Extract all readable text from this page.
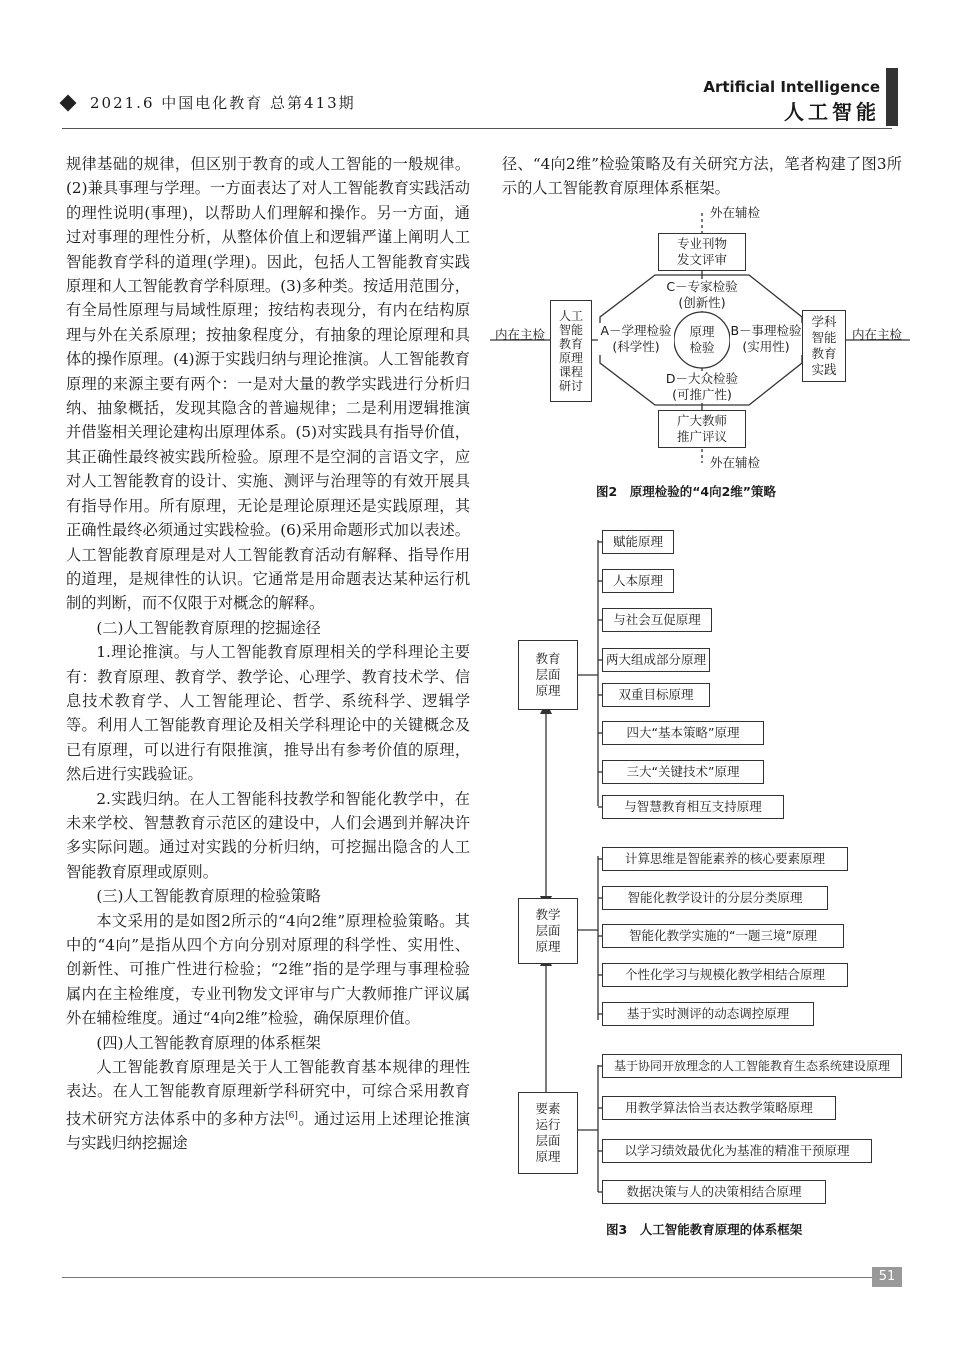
2021.6 中国电化教育 总第413期
Artificial Intelligence
人工智能

规律基础的规律，但区别于教育的或人工智能的一般规律。(2)兼具事理与学理。一方面表达了对人工智能教育实践活动的理性说明(事理)，以帮助人们理解和操作。另一方面，通过对事理的理性分析，从整体价值上和逻辑严谨上阐明人工智能教育学科的道理(学理)。因此，包括人工智能教育实践原理和人工智能教育学科原理。(3)多种类。按适用范围分，有全局性原理与局域性原理；按结构表现分，有内在结构原理与外在关系原理；按抽象程度分，有抽象的理论原理和具体的操作原理。(4)源于实践归纳与理论推演。人工智能教育原理的来源主要有两个：一是对大量的教学实践进行分析归纳、抽象概括，发现其隐含的普遍规律；二是利用逻辑推演并借鉴相关理论建构出原理体系。(5)对实践具有指导价值，其正确性最终被实践所检验。原理不是空洞的言语文字，应对人工智能教育的设计、实施、测评与治理等的有效开展具有指导作用。所有原理，无论是理论原理还是实践原理，其正确性最终必须通过实践检验。(6)采用命题形式加以表述。人工智能教育原理是对人工智能教育活动有解释、指导作用的道理，是规律性的认识。它通常是用命题表达某种运行机制的判断，而不仅限于对概念的解释。

(二)人工智能教育原理的挖掘途径

1.理论推演。与人工智能教育原理相关的学科理论主要有：教育原理、教育学、教学论、心理学、教育技术学、信息技术教育学、人工智能理论、哲学、系统科学、逻辑学等。利用人工智能教育理论及相关学科理论中的关键概念及已有原理，可以进行有限推演，推导出有参考价值的原理，然后进行实践验证。

2.实践归纳。在人工智能科技教学和智能化教学中，在未来学校、智慧教育示范区的建设中，人们会遇到并解决许多实际问题。通过对实践的分析归纳，可挖掘出隐含的人工智能教育原理或原则。

(三)人工智能教育原理的检验策略

本文采用的是如图2所示的“4向2维”原理检验策略。其中的“4向”是指从四个方向分别对原理的科学性、实用性、创新性、可推广性进行检验；“2维”指的是学理与事理检验属内在主检维度，专业刊物发文评审与广大教师推广评议属外在辅检维度。通过“4向2维”检验，确保原理价值。

(四)人工智能教育原理的体系框架

人工智能教育原理是关于人工智能教育基本规律的理性表达。在人工智能教育原理新学科研究中，可综合采用教育技术研究方法体系中的多种方法[6]。通过运用上述理论推演与实践归纳挖掘途

径、“4向2维”检验策略及有关研究方法，笔者构建了图3所示的人工智能教育原理体系框架。

外在辅检
外在辅检
内在主检	内在主检
专业刊物
发文评审
广大教师
推广评议
人工
智能
教育
原理
课程
研讨
学科
智能
教育
实践
原理
检验
C－专家检验
(创新性)
D－大众检验
(可推广性)
A－学理检验
(科学性)
B－事理检验
(实用性)
图2　原理检验的“4向2维”策略
教育
层面
原理
教学
层面
原理
要素
运行
层面
原理
赋能原理
人本原理
与社会互促原理
两大组成部分原理
双重目标原理
四大“基本策略”原理
三大“关键技术”原理
与智慧教育相互支持原理
计算思维是智能素养的核心要素原理
智能化教学设计的分层分类原理
智能化教学实施的“一题三境”原理
个性化学习与规模化教学相结合原理
基于实时测评的动态调控原理
基于协同开放理念的人工智能教育生态系统建设原理
用教学算法恰当表达教学策略原理
以学习绩效最优化为基准的精准干预原理
数据决策与人的决策相结合原理
图3　人工智能教育原理的体系框架
51
